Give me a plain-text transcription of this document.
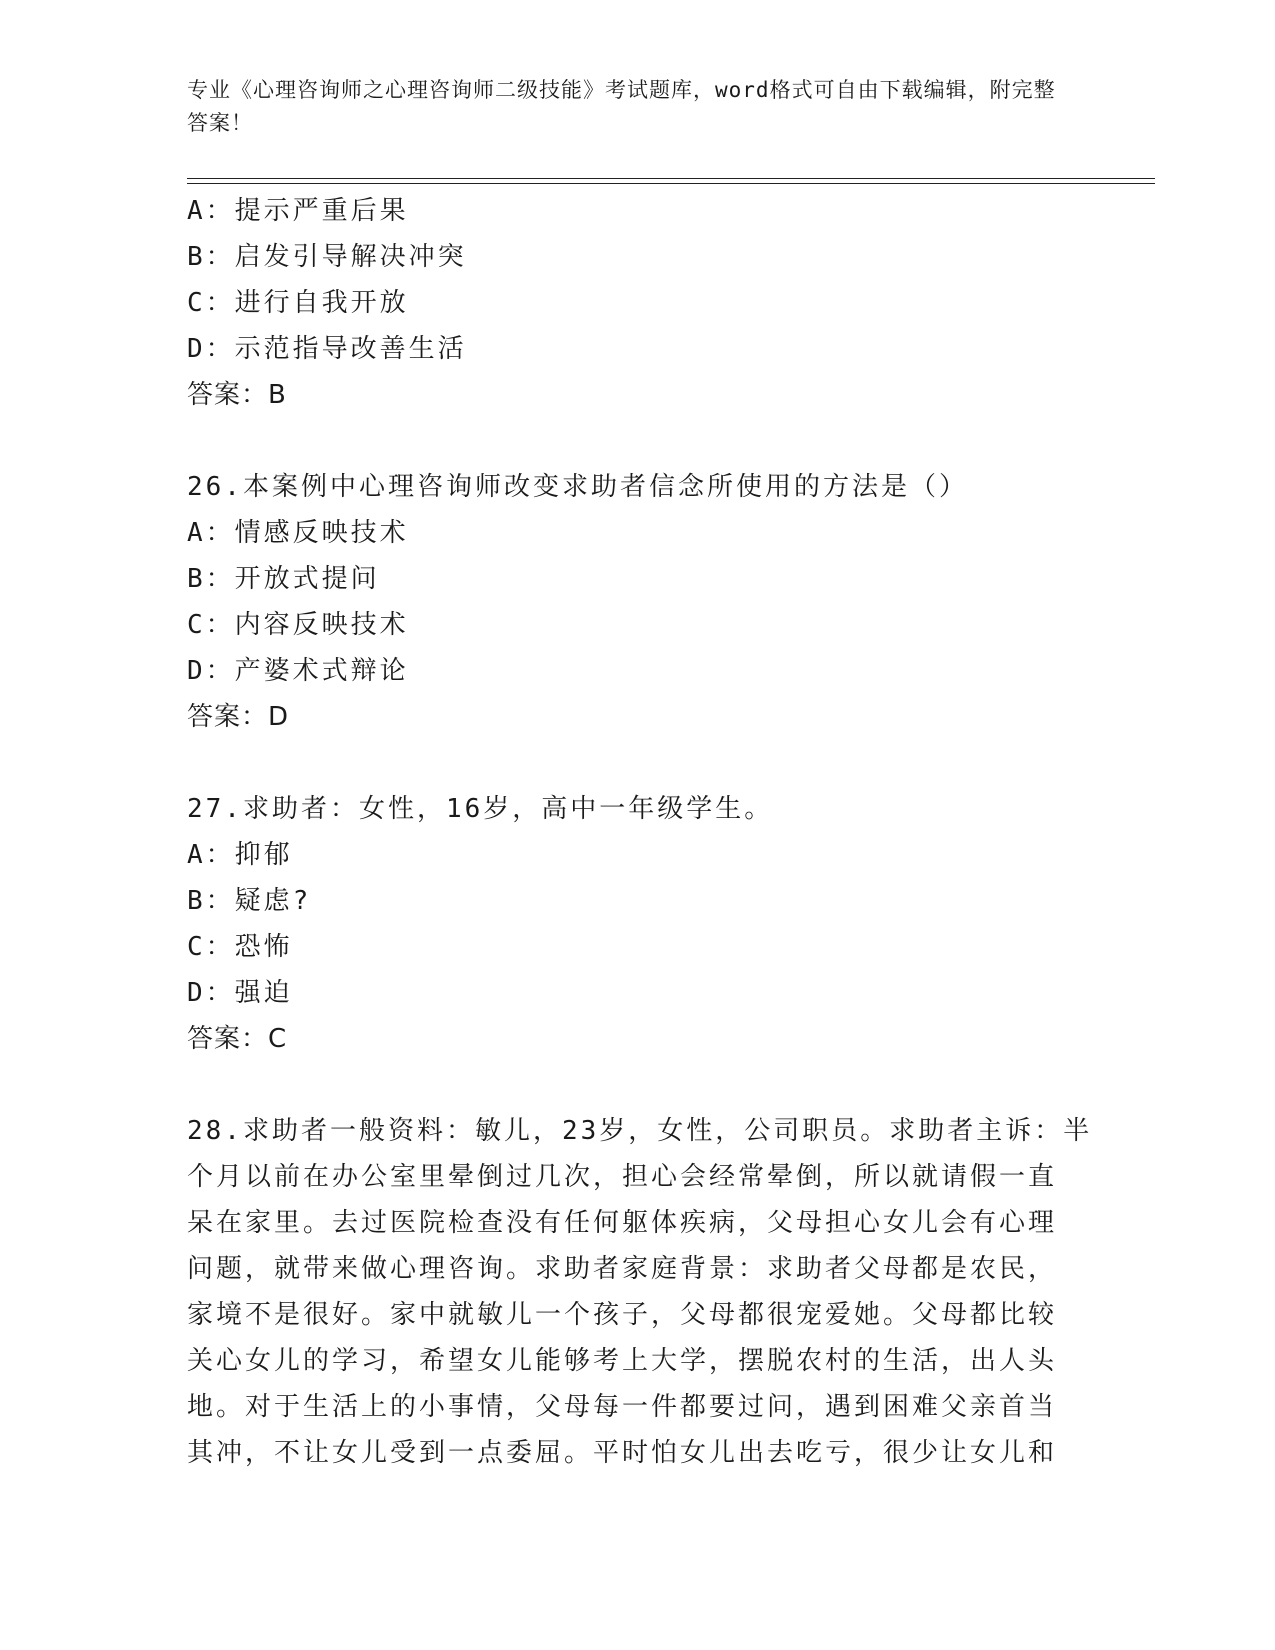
专业《心理咨询师之心理咨询师二级技能》考试题库，word格式可自由下载编辑，附完整答案！
A：提示严重后果
B：启发引导解决冲突
C：进行自我开放
D：示范指导改善生活
答案：B
26.本案例中心理咨询师改变求助者信念所使用的方法是（）
A：情感反映技术
B：开放式提问
C：内容反映技术
D：产婆术式辩论
答案：D
27.求助者：女性，16岁，高中一年级学生。
A：抑郁
B：疑虑?
C：恐怖
D：强迫
答案：C
28.求助者一般资料：敏儿，23岁，女性，公司职员。求助者主诉：半
个月以前在办公室里晕倒过几次，担心会经常晕倒，所以就请假一直
呆在家里。去过医院检查没有任何躯体疾病，父母担心女儿会有心理
问题，就带来做心理咨询。求助者家庭背景：求助者父母都是农民，
家境不是很好。家中就敏儿一个孩子，父母都很宠爱她。父母都比较
关心女儿的学习，希望女儿能够考上大学，摆脱农村的生活，出人头
地。对于生活上的小事情，父母每一件都要过问，遇到困难父亲首当
其冲，不让女儿受到一点委屈。平时怕女儿出去吃亏，很少让女儿和
